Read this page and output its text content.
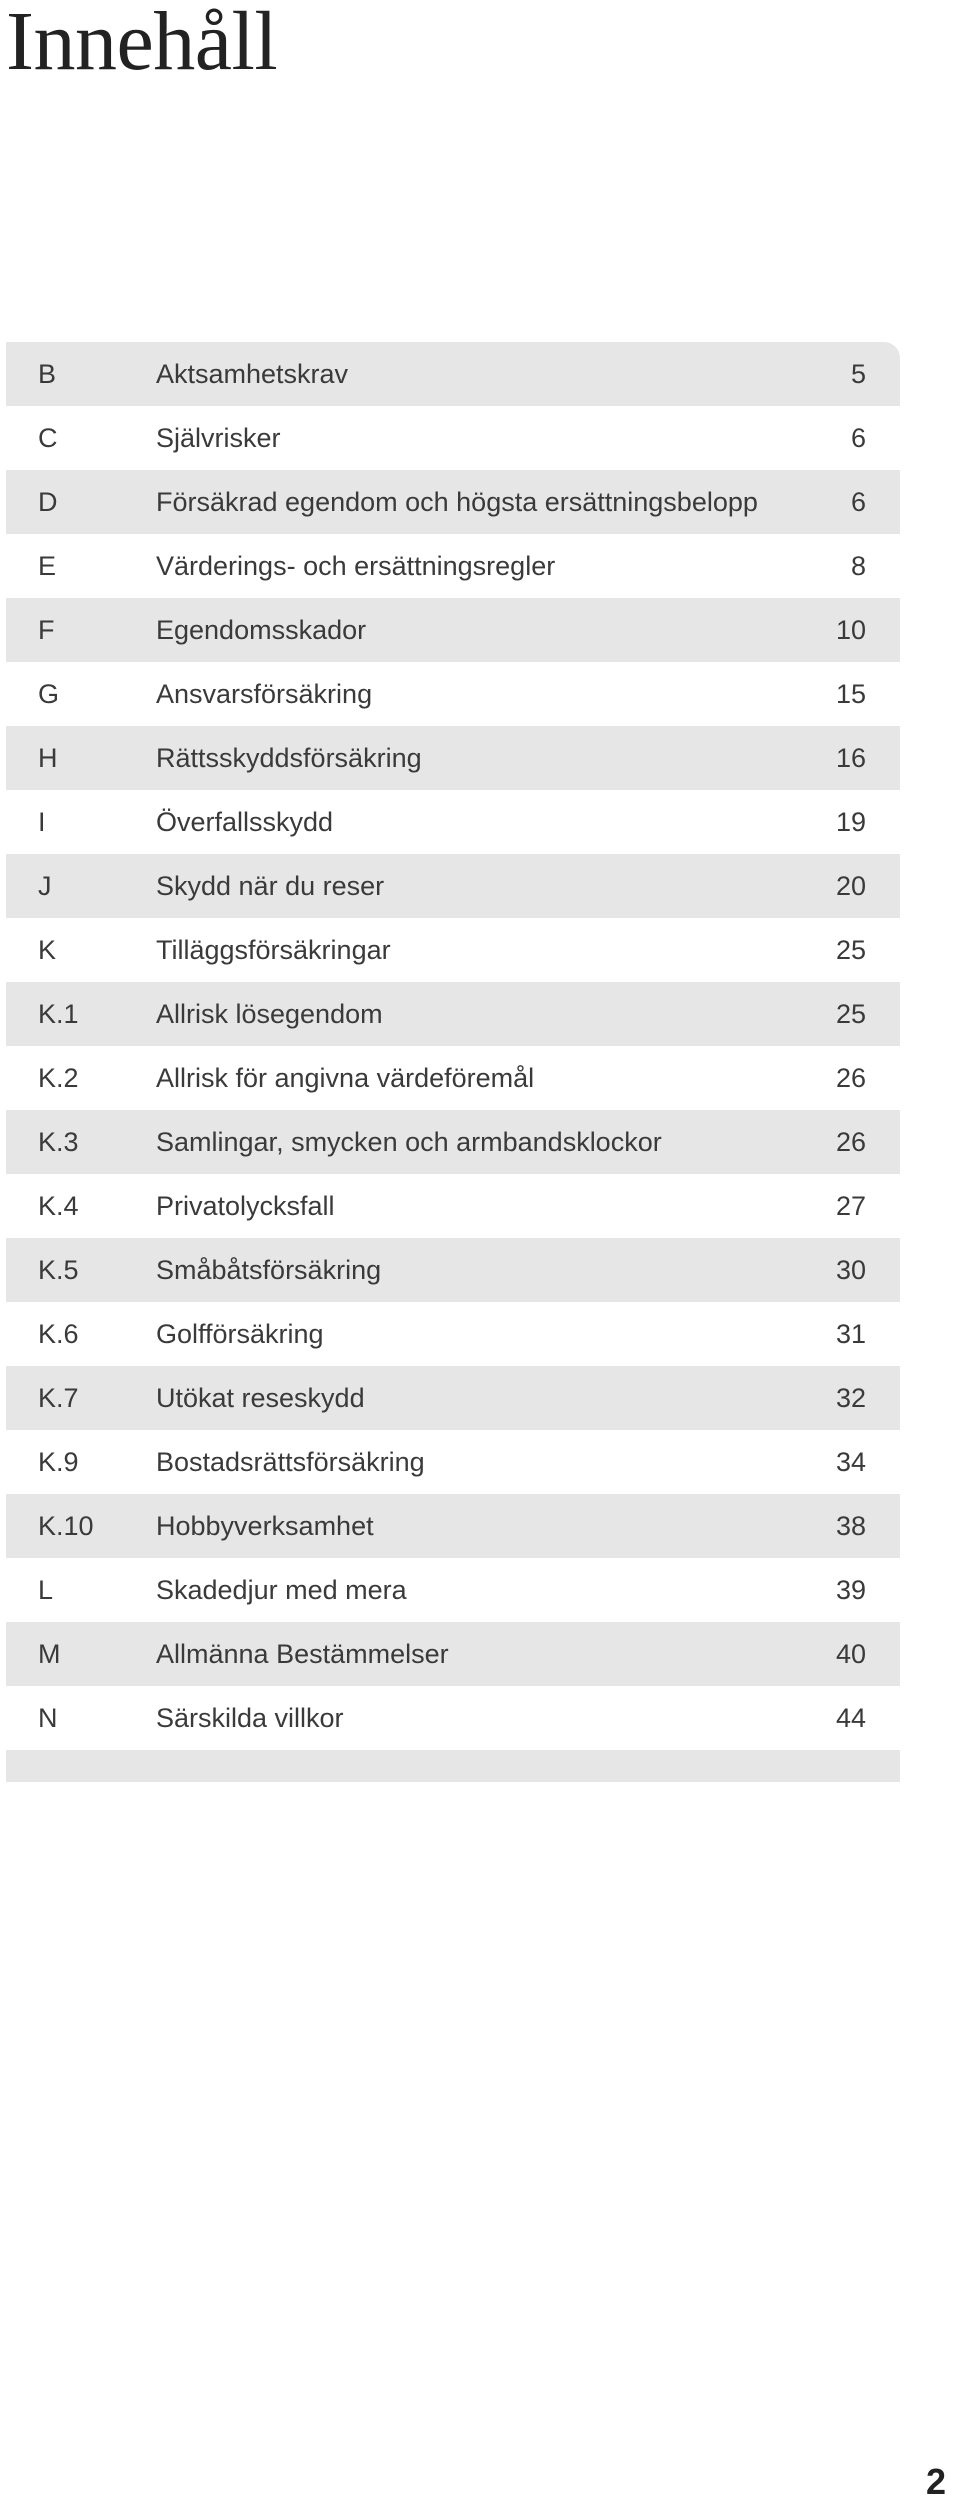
Innehåll
B	Aktsamhetskrav	5
C	Självrisker	6
D	Försäkrad egendom och högsta ersättningsbelopp	6
E	Värderings- och ersättningsregler	8
F	Egendomsskador	10
G	Ansvarsförsäkring	15
H	Rättsskyddsförsäkring	16
I	Överfallsskydd	19
J	Skydd när du reser	20
K	Tilläggsförsäkringar	25
K.1	Allrisk lösegendom	25
K.2	Allrisk för angivna värdeföremål	26
K.3	Samlingar, smycken och armbandsklockor	26
K.4	Privatolycksfall	27
K.5	Småbåtsförsäkring	30
K.6	Golfförsäkring	31
K.7	Utökat reseskydd	32
K.9	Bostadsrättsförsäkring	34
K.10 Hobbyverksamhet	38
L	Skadedjur med mera	39
M	Allmänna Bestämmelser	40
N	Särskilda villkor	44
2
